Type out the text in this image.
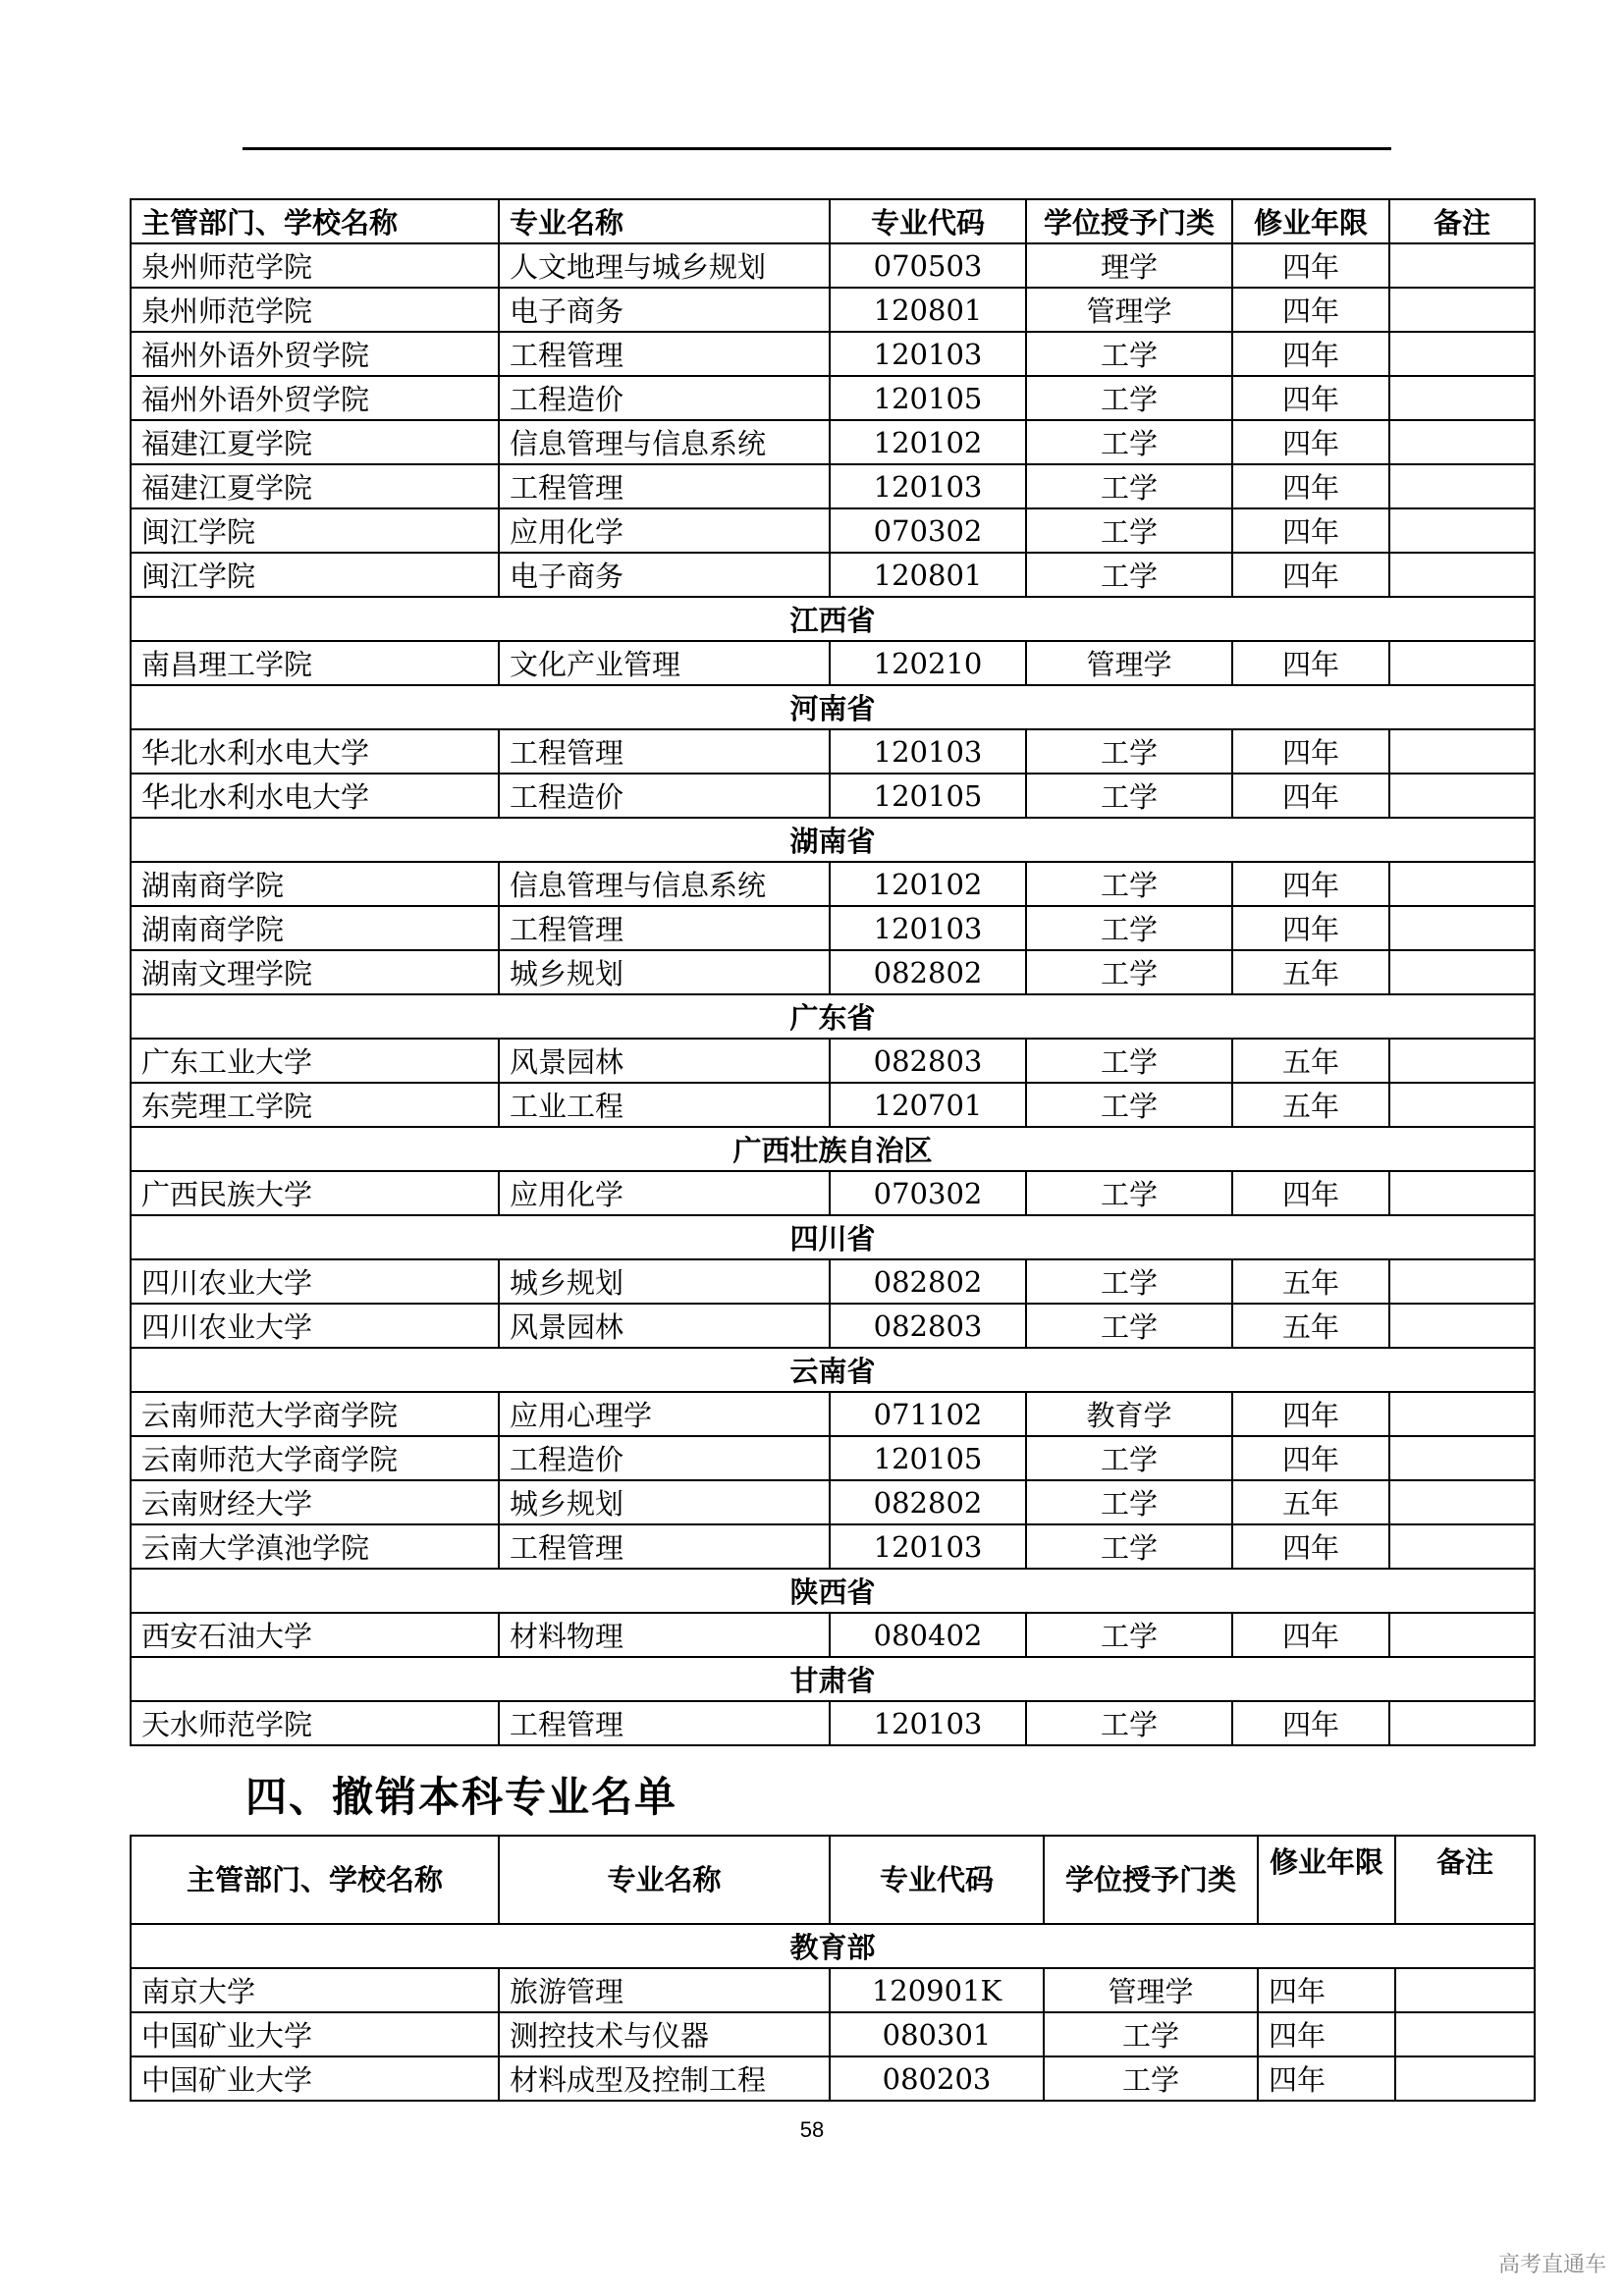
主管部门、学校名称	专业名称	专业代码	学位授予门类	修业年限	备注
泉州师范学院	人文地理与城乡规划	070503	理学	四年	
泉州师范学院	电子商务	120801	管理学	四年	
福州外语外贸学院	工程管理	120103	工学	四年	
福州外语外贸学院	工程造价	120105	工学	四年	
福建江夏学院	信息管理与信息系统	120102	工学	四年	
福建江夏学院	工程管理	120103	工学	四年	
闽江学院	应用化学	070302	工学	四年	
闽江学院	电子商务	120801	工学	四年	
江西省					
南昌理工学院	文化产业管理	120210	管理学	四年	
河南省					
华北水利水电大学	工程管理	120103	工学	四年	
华北水利水电大学	工程造价	120105	工学	四年	
湖南省					
湖南商学院	信息管理与信息系统	120102	工学	四年	
湖南商学院	工程管理	120103	工学	四年	
湖南文理学院	城乡规划	082802	工学	五年	
广东省					
广东工业大学	风景园林	082803	工学	五年	
东莞理工学院	工业工程	120701	工学	五年	
广西壮族自治区					
广西民族大学	应用化学	070302	工学	四年	
四川省					
四川农业大学	城乡规划	082802	工学	五年	
四川农业大学	风景园林	082803	工学	五年	
云南省					
云南师范大学商学院	应用心理学	071102	教育学	四年	
云南师范大学商学院	工程造价	120105	工学	四年	
云南财经大学	城乡规划	082802	工学	五年	
云南大学滇池学院	工程管理	120103	工学	四年	
陕西省					
西安石油大学	材料物理	080402	工学	四年	
甘肃省					
天水师范学院	工程管理	120103	工学	四年	
四、撤销本科专业名单
主管部门、学校名称	专业名称	专业代码	学位授予门类	修业年限	备注
教育部					
南京大学	旅游管理	120901K	管理学	四年	
中国矿业大学	测控技术与仪器	080301	工学	四年	
中国矿业大学	材料成型及控制工程	080203	工学	四年	
58
高考直通车
